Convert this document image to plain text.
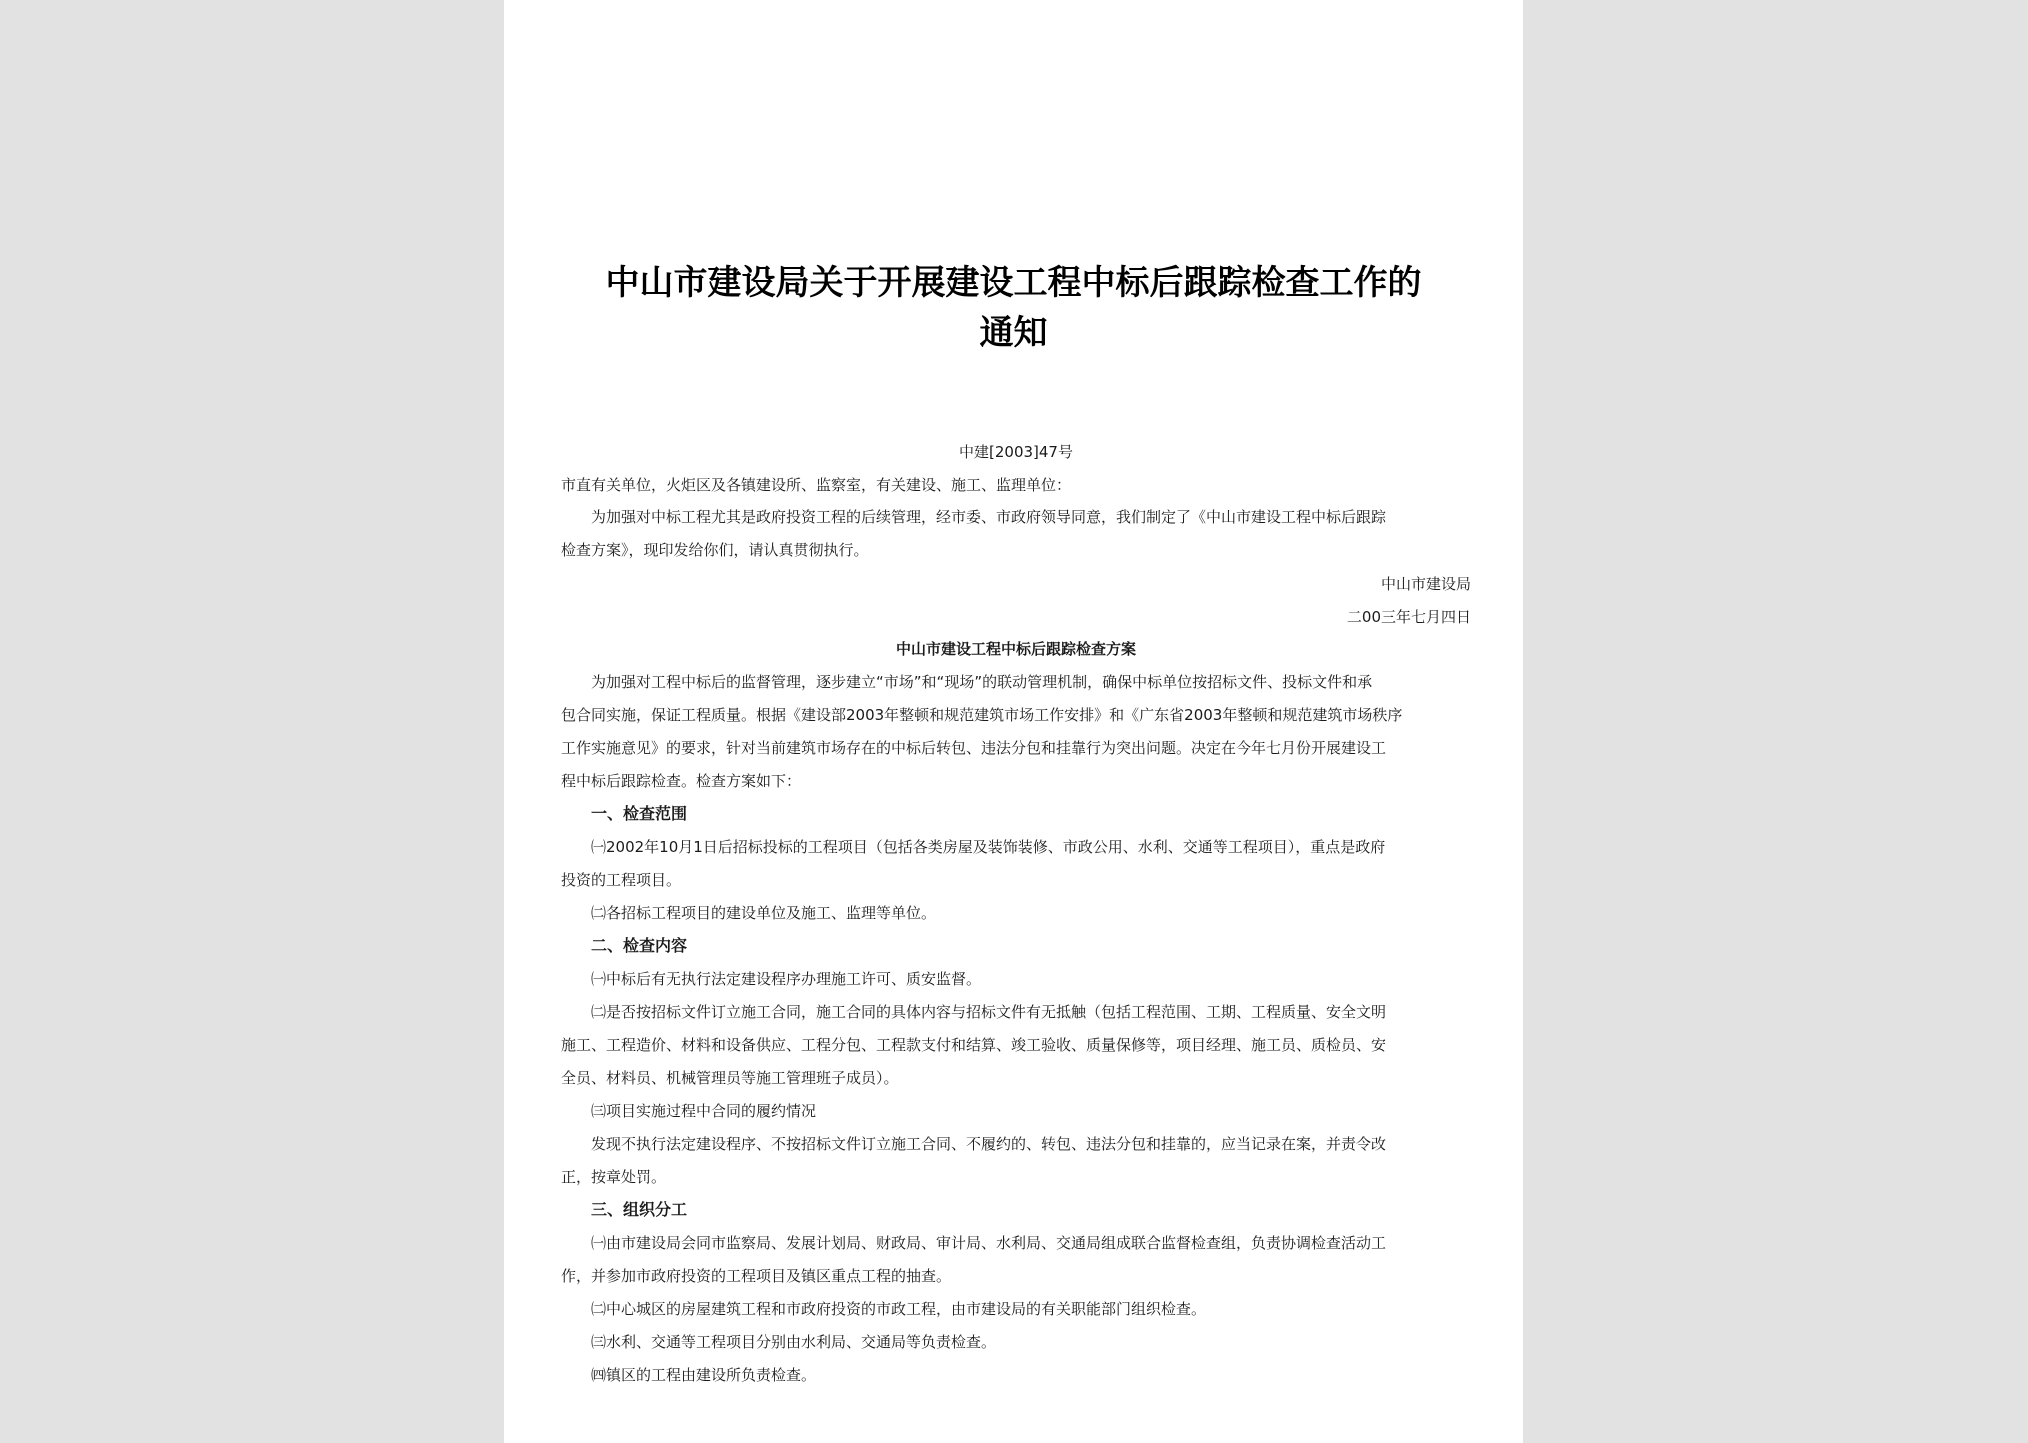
中山市建设局关于开展建设工程中标后跟踪检查工作的
通知
中建[2003]47号
市直有关单位，火炬区及各镇建设所、监察室，有关建设、施工、监理单位：
为加强对中标工程尤其是政府投资工程的后续管理，经市委、市政府领导同意，我们制定了《中山市建设工程中标后跟踪
检查方案》，现印发给你们，请认真贯彻执行。
中山市建设局
二00三年七月四日
中山市建设工程中标后跟踪检查方案
为加强对工程中标后的监督管理，逐步建立“市场”和“现场”的联动管理机制，确保中标单位按招标文件、投标文件和承
包合同实施，保证工程质量。根据《建设部2003年整顿和规范建筑市场工作安排》和《广东省2003年整顿和规范建筑市场秩序
工作实施意见》的要求，针对当前建筑市场存在的中标后转包、违法分包和挂靠行为突出问题。决定在今年七月份开展建设工
程中标后跟踪检查。检查方案如下：
一、检查范围
㈠2002年10月1日后招标投标的工程项目（包括各类房屋及装饰装修、市政公用、水利、交通等工程项目），重点是政府
投资的工程项目。
㈡各招标工程项目的建设单位及施工、监理等单位。
二、检查内容
㈠中标后有无执行法定建设程序办理施工许可、质安监督。
㈡是否按招标文件订立施工合同，施工合同的具体内容与招标文件有无抵触（包括工程范围、工期、工程质量、安全文明
施工、工程造价、材料和设备供应、工程分包、工程款支付和结算、竣工验收、质量保修等，项目经理、施工员、质检员、安
全员、材料员、机械管理员等施工管理班子成员）。
㈢项目实施过程中合同的履约情况
发现不执行法定建设程序、不按招标文件订立施工合同、不履约的、转包、违法分包和挂靠的，应当记录在案，并责令改
正，按章处罚。
三、组织分工
㈠由市建设局会同市监察局、发展计划局、财政局、审计局、水利局、交通局组成联合监督检查组，负责协调检查活动工
作，并参加市政府投资的工程项目及镇区重点工程的抽查。
㈡中心城区的房屋建筑工程和市政府投资的市政工程，由市建设局的有关职能部门组织检查。
㈢水利、交通等工程项目分别由水利局、交通局等负责检查。
㈣镇区的工程由建设所负责检查。
